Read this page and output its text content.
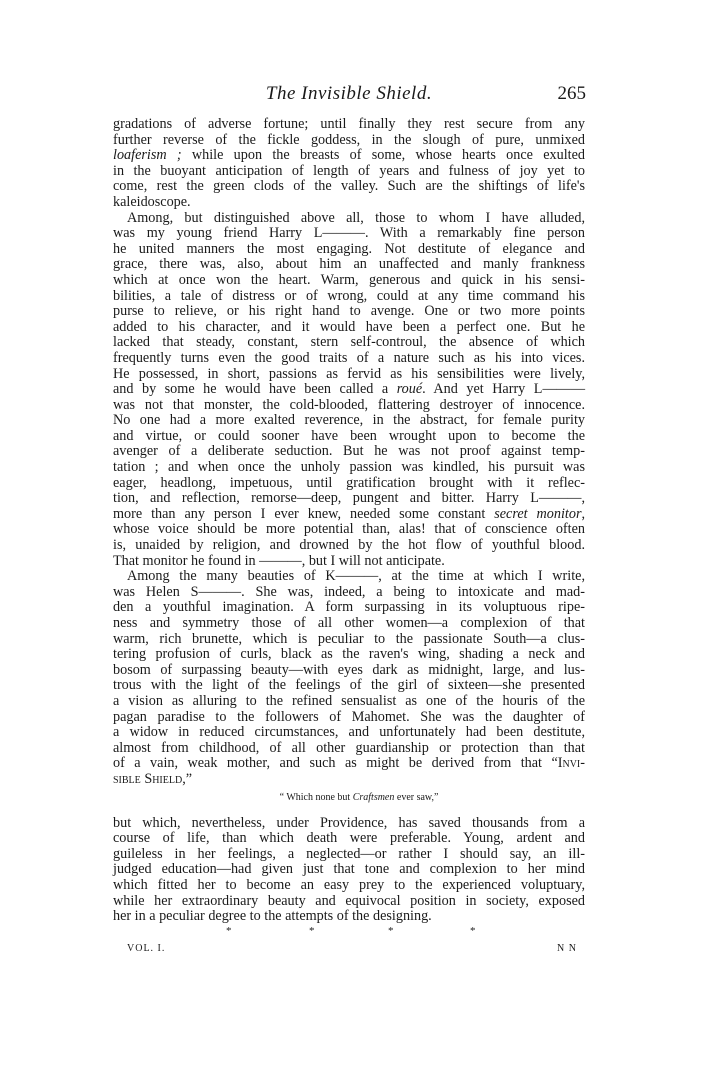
The Invisible Shield.	265
gradations of adverse fortune; until finally they rest secure from any
further reverse of the fickle goddess, in the slough of pure, unmixed
loaferism ; while upon the breasts of some, whose hearts once exulted
in the buoyant anticipation of length of years and fulness of joy yet to
come, rest the green clods of the valley. Such are the shiftings of life's
kaleidoscope.
Among, but distinguished above all, those to whom I have alluded,
was my young friend Harry L———. With a remarkably fine person
he united manners the most engaging. Not destitute of elegance and
grace, there was, also, about him an unaffected and manly frankness
which at once won the heart. Warm, generous and quick in his sensi-
bilities, a tale of distress or of wrong, could at any time command his
purse to relieve, or his right hand to avenge. One or two more points
added to his character, and it would have been a perfect one. But he
lacked that steady, constant, stern self-controul, the absence of which
frequently turns even the good traits of a nature such as his into vices.
He possessed, in short, passions as fervid as his sensibilities were lively,
and by some he would have been called a roué. And yet Harry L———
was not that monster, the cold-blooded, flattering destroyer of innocence.
No one had a more exalted reverence, in the abstract, for female purity
and virtue, or could sooner have been wrought upon to become the
avenger of a deliberate seduction. But he was not proof against temp-
tation ; and when once the unholy passion was kindled, his pursuit was
eager, headlong, impetuous, until gratification brought with it reflec-
tion, and reflection, remorse—deep, pungent and bitter. Harry L———,
more than any person I ever knew, needed some constant secret monitor,
whose voice should be more potential than, alas! that of conscience often
is, unaided by religion, and drowned by the hot flow of youthful blood.
That monitor he found in ———, but I will not anticipate.
Among the many beauties of K———, at the time at which I write,
was Helen S———. She was, indeed, a being to intoxicate and mad-
den a youthful imagination. A form surpassing in its voluptuous ripe-
ness and symmetry those of all other women—a complexion of that
warm, rich brunette, which is peculiar to the passionate South—a clus-
tering profusion of curls, black as the raven's wing, shading a neck and
bosom of surpassing beauty—with eyes dark as midnight, large, and lus-
trous with the light of the feelings of the girl of sixteen—she presented
a vision as alluring to the refined sensualist as one of the houris of the
pagan paradise to the followers of Mahomet. She was the daughter of
a widow in reduced circumstances, and unfortunately had been destitute,
almost from childhood, of all other guardianship or protection than that
of a vain, weak mother, and such as might be derived from that “Invi-
sible Shield,”
“ Which none but Craftsmen ever saw,”
but which, nevertheless, under Providence, has saved thousands from a
course of life, than which death were preferable. Young, ardent and
guileless in her feelings, a neglected—or rather I should say, an ill-
judged education—had given just that tone and complexion to her mind
which fitted her to become an easy prey to the experienced voluptuary,
while her extraordinary beauty and equivocal position in society, exposed
her in a peculiar degree to the attempts of the designing.
*	*	*	*
VOL. I.	N N
